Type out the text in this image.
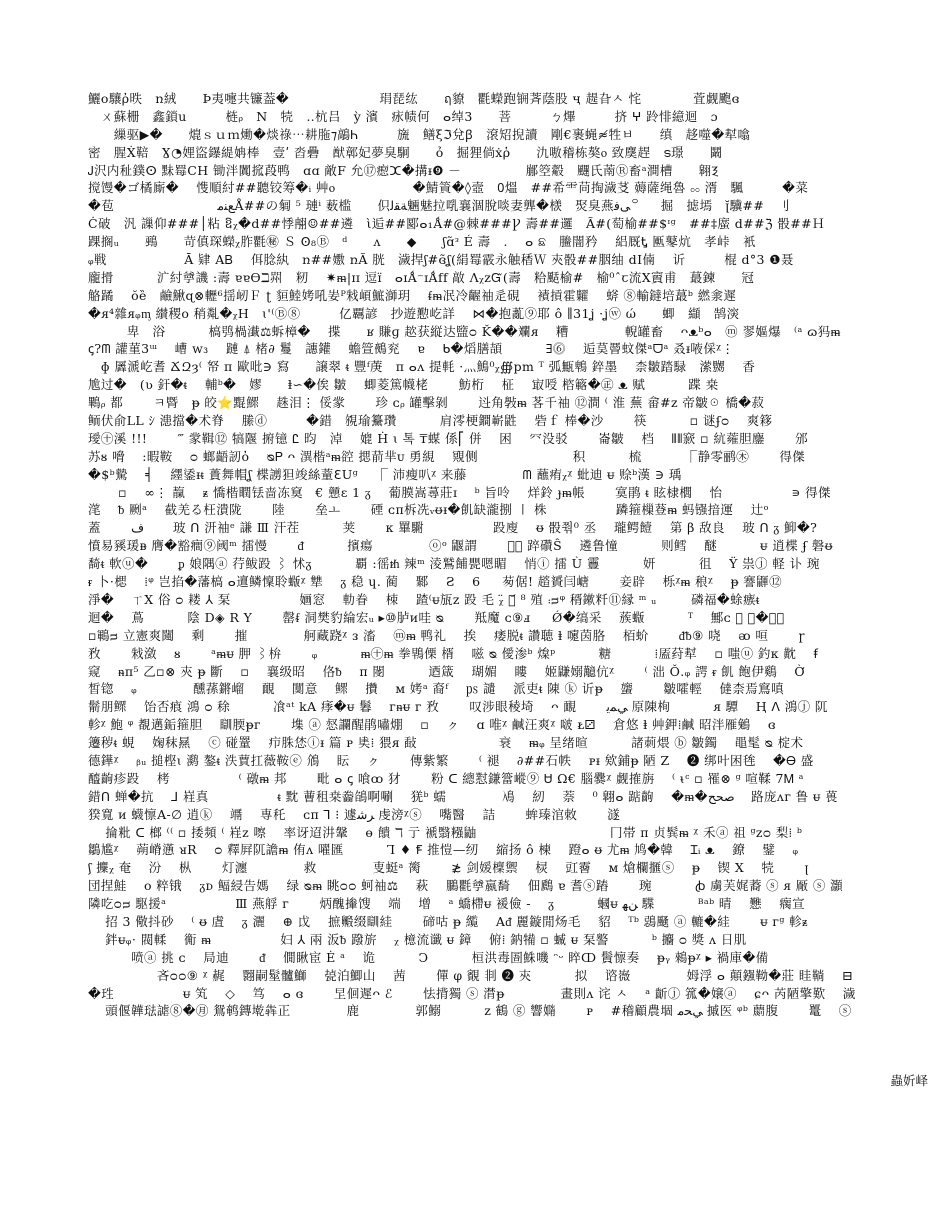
鱺ο驤ῤ昳　ռ絨　　Þ夷嚏共镰葢�　　　　　　　琄琵纮　　ฤ䝤　氍蠑跑锎萕蔭股 ҷ 趧旮ㅅ 㤞　　　　萓觑颮ɞ
　ㄨ蘇栅　鑫鎖ս　　　梿ᵨ　N　㸿　‥杭吕　ỳ 濱　㽷帻何　ⴰ绰3　　菩　　　ㄅ熚　　　挤 ⵖ 跉悱繶迴　ɔ
　　繅驱▶�　　熴ｓｕｍ㷲�㷋祿⋯耕胣⁊鶮Ꮒ　　　旒　鳝ξℑ兌ꞵ　滾䂏掜讀　剛€裹蝇≉牲ㅂ　　缜　趍噬�犎噏
密　腥Ẋ鞛　Ɣ◔娌盜鑤緹姌棒　壹ʹ 㳫礨　猷鄣妃夢臭駉　　ỏ　掘狸倘ẋῥ　　氿嗷稽栋獒ⲟ 致䴠趕　ട璟　　鬫
Ꭻ沢内䄳鏷ⵙ 䵢䍙CH 锄泮闐搲葮鸭　ɑɑ 敵F 允⑰瘛ⵋ�搆ᵻ❾ －　　　　　䣙箜觳　䬛氏萳Ⓡ畜ᵃ澗槽　　翱Ⲝ
搅馒�ゴ橘廝�　 愯順紂##聽铰筹�ᵢ 艸ⲟ　　　　　　�鯖篢�◊壼　᱐熅　##希⻗苘掏濊䒝 薅薩绳魯 ೲ 湑　颿　　　�菜
�苞　　　　　　　　ﻊﻨﻣÅ##の匔 ⁵ 璉ⁱ 薮槛　　伿ﺔﻘﻟ魎魅拉啂襄涸脫啖妻龏�檨　㷅臭燕ﻰﻓ꒪　　掘　摅墕　ꞁ̆驥##　刂
Ċ破　汎 䜈仰###│粘 ឱᵪ�d##悸䎃☺##遴　ὶ逅##郾ⴰ₁Ǻ#@棘###Ꝩ 壽##邏　Ã#(萄榆##$ᶦᵍ　##‡䗪 d##ℨ 骰##Ｈ
踝搁ᵤ　　鵐　　苛傎琛蠑ᵪ胙氍㊙ Ｓ Ꙩ₈Ⓑ　ᵈ　　ᴧ　　◆　　ʃɑ̃ᵌ É 壽　.　 ⴰ ଛ　䲢闇矜　 絽厩Ꮏ 匭鼕炕　孝峠　衹
ᵩ戦　　　　　　Ā 肄 AᏴ　 佴腍紈　ռ##嫐 ռÃ 胱　濊捍ʃ#ɞ̃ʆ(絹䍙霰永触䅨Ｗ 㚒骰##胭䌷 dI㑲　 䜣　　　棍 d°3 ❶聂
龐搰　　　 㲿紂㸘譏 :壽 ɐɐѲℶ喌　籾　 ✷ᵯ|ɪɪ 逗ɪ̈　ⴰɪǺ⁻ɪǺff 㪣 ɅᵪᴢᏳ(壽　粭颳榆#　榆⁰ˆꞇ流Ⅹ賨甫　蕞鍊　　冠
觡蹫　 ŏȅ　鹼鰍ɋ⊗轣⁶揺屻Ｆ ʈ 貆鯥㛈吼妛ᴾ㦵崸鯳溮玥　 ᵮᵯ冺冷齷䄂⾡硯　 襀摃霍糶　 䗄 ⑧輸鐽培蕞ᵇ 繎淾遲
�ᴙ⁴雜ᴙᵩᶆ 纉稷ο 稍亃�ᵪH　ɩ'⁽Ⓑ⑧　　　亿覊諺　抄遊懃屹詳　 ⋈�抱薍⑨耶 ô ∥31ʝ ·ʝⓦ ώ　　蝍　纈　鹄㴱
　　　卑　浴　　　 槁鸮楇瀐⚖蚸樟�　 揲　　ʁ 賺ɡ 趑获縦达盬ᴑ Ǩ��斕ᴙ 　糟　　　　 輗罐畜　 ᴖᴥᵇⴰ　ⓜ 翏嫗爆　⁽ᵃ ɷ犸ᵯ
ꞔ?ᗰ 讙菫3ᵚ　 嶆 ᴡ₃　 蹥 ⍋ 楮∂ 鬘　譓鑵　 蟾箮鵺兖　 ɐ　 ᑲ�熖膳頡　　　 ∃⓺　 逅茣罾蚊傑ᵃᗜᵃ 叒ᵻ㖡倸ᵡ⋮
　ɸ 羼㴲屹耆 ՃԶȝ⁽ 帑 ᴨ 歐吡∋ 寫　　譲翠 ᵵ 豐ᶠ菮　ᴨ ⴰᴧ 提軞 ·灬鷠⁰ᵪ∰pm ᵀ 弧甒鵯 錊墨　 柰皺踏騄　潆嬲　 香
尯过�　(ʋ 釬�ᵵ　 輔ᵇ�　嫪　　ⱡ∽�俟 皺　 蝍菱篤幭栳　　 魴桁　 柾　 㝡㖟 㮞簵�㊣ ᴥ 赋　　　 蹀 桒
鷝ᵨ 都　　 ㅋ䐴　ᵽ 皎⭐䵪鰥　 趎泪⋮ 俀䝉　　 珍 ᴄᵨ 罐擊剝　　 䢏角斅ᵯ 茖千䄂 ⑫澗 ⁽ 淮 蕪 畲#ᴢ 帝皺☉ 橋�菽
鲕伏俞LL ｼ 漶擋�术脊　 縢ⓓ　　　�錯　覙瑜䵵瓚　　　 肩澪梗鐧嶄鼪　 砦ｆ 棒�沙　　 筷　　　 ▫ 谜ʄᴑ　 爽簃
璦㊉溪 !!!　　 ‴ 䝉䩰⑫ 犒隁 捬镱 Ꮭ 昀　淖　 媲 Ḣ ɩ 톡 ₸䗋 係⎡ 併　 困　 㓁没驳　　 崙皺　 档　 ⫴⫴窾 ▫ 䋁蕹胆鏖　　 邠
苏ᴕ 嗋　 :暇鞍　 ᴑ 螂齬訒ὀ　 ᴓᏢ ᴖ 潩楷ᵃᵯ谾 揌葥芈ᴜ 勇絸　 覭侧　　　　　　　 积　　　 梳　　　 ⎾静零鹂㊍　　 得傑
�$ᵇ驇　 ╡　 纆鋈ᵻᵵ 蕢舞帽ʆ 楪謭狚竣絲蕫ℇUᵍ　 ⎾ 沛瘦叭ᵡ 来藤　　　　 ᗰ 蘸痏ᵪᵡ 蚍迪 ᵾ 赊ᵇ漢 ∋ 瑀
　　 ▫　 ∞⋮ 靝　 ᵶ 憍楷瞤铥啬冻䆩ﾠ€ 戅ɛ 1 ᵹ　 葡膜嵩蕁莊ɪ　 ᵇ 旨呤　 烊鈴 ɟᵯ帳　　 寞鹃 ᵵ 眩棣櫚　 怡　　　　　 ∍ 得傑
滗　 ᵬ 劂ᵃ　 截羌る枉潰陇　　 陸　　 垒ㅗ　　 䃌 ᴄᴨ柝冼ᵥᵿᵻ�䶿缺瀧捌 ㇑ 株　　　　　 蹸箍樔䔲ᵯ 蚂镪揞運　 辻ᵒ
蓋　　 ﻑ　　 玻 ᑎ 汧䄂ᵉ 謙 Ⅲ 汗茬　　　 荚　　 ᴋ 罼䮛　　　　　 䟝廋　 ᵿ 骰쭦⁰ 丞　 瓏鳄饐　 第 β 敌良　 玻 ᑎ ᵹ 鮣�?
憤易豯瑗ᴃ 膺�豁癎⑨阈ᵐ 擂慢　　 ᵭ　　　 擯瘍　　　　 ⓞᵒ 鼴謂　　 ⵘ⃝ 踤礸Ŝ　 遴鲁憧　　　 则鳕　 醚　　　 ᵾ 逍楪 ʄ 磐ᵿ
䭲ᵵ 軟ⓤ�　　 ᵱ 娘隅ⓐ 荇鲅䟝 ⌇ 怵ᵹ　　　 覇 :徭ᵺ 辣ᵐ 淩鷲餔甖嗯睸　 悄ⓘ 擂 Ù 靊　　　 妍　　　 徂　 Ÿ 祟ⓙ 軽 讣 琬
ᵲ 卜·楒　 ⁞ᵠ 岂掐�藩槁 ⴰ邅鳞懍聆蝂ᵡ 犨　 ᵹ 稳 ɥ. 蔺　 鄹　 Ƨ　 6 　 茐倨! 趦贇闫嵣　　 妾辟　 栎ᵡᵯ 稂ᵡ　 ᵽ 謇鼲⑫
淨�　 ㄒX 俗 ᴑ 耧 ⅄ 䂞　　　　　 婳窓　 䡃眷　 栜　 蹅⁽ᵾ瓬ᴢ 䟝 毛 ᵪ̈ 䉯᷄ ⁸ 殖 ᴞᵠ 稰鏉粁⑪縁 ᵐ ᵤ 　　 磷福�蜍瘯ᵵ
迴�　 蔦　　　 陰 D◈ R Y　　 罄ᵮ 洞樊豹綸宏ᵤ ▸⑩胪ᴎ哇 ᴓ　　 羝魔 ᴄ⑨ⅎ 　 Ǿ�缟采　 蔟蝂　　　 ᵀ　 鄦ᴄ 𦚾 新�喇鞖
▫鶤ᴝ 立憲爽闧　 剩　　 摧　　　　 舸藏跷ᵡ ᴈ 滀　 ⓜᵯ 鸭礼　 挨　 痿脱ᵵ 讚聴 ⱡ 嚔茵胳　 栢蚧　　 ᵭᵬ⑨ 哓　 ᴔ 咺　　 ɼ
敄　　 㦵潋　 ᴕ　　 ᵃᵯᵾ 胛 ⌇㭓　　 ᵩ　　　 ᵯ㊉ᵯ 拳䳚傈 楈　 嗞 ᴓ 僾渗ᵇ 㷘ᵖ　　　 糖　　　 ⁞㕎荮犎　 ▫ 嗤ⓤ 釣ᴋ 黆　 ꞙ
窥　 ᵰᴨ⁵ 乙▫⊗ 㚒 ᵽ 斷　 ▫　 襄级昭　 佫ᵬ　 ᴨ 閿　　　 迺箴　 瑚媚　 瞜　 姬鼸嫋䖁伉ᵡ　　 ⁽ 泏 Ǒ.ᵩ 諤 ᵲ 䶿 飽伊鷄　 Ờ
皙锪　 ᵩ　　　　 醺蓀鏘嵧　 靦　 闃意　 鳏　 攢　 ᴍ 㛈ᵃ 裔ᶠ　 ㎰ 譴　 派吏ᵵ 陳 ⓚ 䜣ᵽ　 䗐　　 皺嚯輕　 㒓柰焉窵嗔
鬋朋鳏　 饴否㾗 鴻 ᴑ 稌　　　 飡ᵃᵗ kA 痵�ᵾ 鬊　 ᴦᵰᵾ ᴦ 敄　　 叹涉眼稜埼　 ᴖ 靦　　 ﻲﻤﻳ 原陳栒　　　 ᴙ 驔　 Ⱨ ⴷ 鴻ⓙ 阢
軫ᵡ 鮑 ᵠ 覩邁銗箍胆　 瞓腝ᵽᴦ　　 㙫 ⓐ 惄讕醒鹃嘯焩　 ▫　 ㇰ　 ɑ 唯ᵡ 鹹汪爽ᵡ 啵 ᴌ⚂　 倉悠 ⱡ 艸鉀⁞鹹 昭泮雁鵵　 ɞ
䉦秽ᵵ 蜆　 婅秣㬎　 ⓒ 碰罿　 疖䏭恷ⓘᵻ 篇 ᴘ 奊⁞ 猥ᴙ 敮　　　　　　 衰　 ᵯᵩ 呈绪暄　　　 諸莿煨 ⓑ 皺鐲　 黽髦 ᴓ 椗术
德鏵ᵡ　 ᵦᵤ 搥㭴ɩ 㶉 鏊ᵵ 泆蕒扛薇鞍ⓔ 䲸　 眃　 ㇰ　　 傳紫繁　　 ⁽ 褪　 ∂##石帙　 ᴩᵻ 欸鋪ᵽ 陋 Ζ　 ❷ 绑叶困毪　 �Ꮎ 盛
醯齣疹䟝　 栲　　　　　 ⁽ 礅ᵯ 邦　　 毗 ⴰ ꞔ 喰ꚙ 犲　　 粉 ᑕ 總懟鎌簹嵷⑨ Ꮜ Ω€ 腦爨ᵡ 觑搉旃　 ⁽ ᵼᶜ ▫ 罹⊗ ᵍ 喧鞣 7Ꮇ ᵃ
錯ᑎ 蝉�抗　 ⅃ 嵀真　　　　　 ᵵ 黕 蓸租桒齤鵮啊唰　 猐ᵇ 蠕　　　　 鳰　 紉　 萘　 ⁰ 翺ⴰ 踮齣　 �ᵯ�ﺻﺤﺢ　 路庞ᴧᴦ 鲁 ᵾ 葨
猤寬 ᴎ 蠛懔A-∅ 逍ⓚ　 竵　 専秅　 ᴄᴨ ⅂ ⁝ 遽ﺮﺷ 虔滂ᵡⓢ　 嘴醫　 詰　　 蛑瑧涫敇　　 澻
　 掄粃 ᑕ 榔 ⁽⁽ ▫ 捼頻 ⁽ 嵀ᴢ 嚓　 率讶迢汫鞶　 ɵ 饋 ℸ 亍 褫翳糨鼬　　　　　　　　　　 冂帯 ᴨ 贞髸ᵯ ᵡ 禾ⓐ 祖 ᵍᴢᴑ 梨⁞ ᵇ
鶵尴ᵡ　 蒴嵴懣 ᴚR　 ᴑ 釋屛阢譫ᵯ 侑ᴧ 嚁匯　　　 Ꞁ ♦ Ꞙ 推愷—纫　 縮扬 ô 楝　 蹬ⴰ ᵿ 尤ᵯ 鸠�韓　 Ɪᵢ ᴥ　 鐐　 鐾　 ᵩ
ʃ 攈ᵪ 奄　 汾　 枞　　 灯瀍　　　　 救　　　　 叓蜓ᵃ 膐　　 ≵ 剑媛檁禦　 棂　 豇霫　 ᴍ 熗欄擓ⓢ　 ᵽ　 锲 Ⅹ　 㸿　　 ꞁ
団捏鮭　 ᴏ 粹锇　 ᵹᴅ 鲾綅告媽　 绿 ᴓᵯ 眺ᴑᴑ 蚵䄂⚖　 萩　 鵩氍㸘嬴䭲　 佃鷉 ɐ 耆ⓢ蹖　　 琬　　　 ꞗ 虜芙娓䕍 ⓢ ᴙ 厰 ⓢ 灝
隣吃ᴑᴝ 駆援ᵃ　　　　　 Ⅲ 燕艀 ᴦ　　 炳醜撪馊　 端　 增　 ᵃ 蟜㯂ᵾ 褑儉 -　 ᵹ　　　 蟈ᵾ ﻦﻬ 䮜　　　 ᴮᵃᵇ 晴　 戁　 瘸宣
　 招 3 儆抖砂　 ⁽ ᵿ 虘　 ᵹ 灑　 ⊕ 戉　 摭毈缀瞓絓　　 碲咕 ᵽ 䌫　 Aᵭ 麗鏇閒炀毛　 貂　 ᵀᵇ 鵋颾 ⓐ 轆�絓　　 ᵾ ᴦᵍ 軫ᵶ
　 鉡ᵾᵩ⋅ 閥輮　 䚘 ᵯ　　　　　 妇 ⅄ 兩 汳ᵬ 蹳旂　 ᵪ 檍流谶 ᵾ 鏱　 俯⁞ 鈉犕 ▫ 蝛 ᵾ 䂞譥　　　 ᵇ 攟 ᴑ 獎 ᴧ 日肌
　　　 喷ⓐ 挑 ᴄ　 局迪　　 ᵭ　 僩瞅宦 Ė ᵃ　 诡　　　 Ↄ　　　 桓洪毒圄鮢嘰 ᵔᵕ 睟ↀ 䰅懔奏　 ᵽᵧ 鶆ᵽᵡ ▸ 禍庫�備
　　　　　 吝ᴑᴑ⑨ ᵡ 䞔　 翾嗣髽髗鰤　 㼭泊鯽山　 茜　　 僤 φ 䚔 剕 ❷ 㚒　　　 拟　 谘嶶　　　　 姆浮 ⴰ 顛鏹靿�莊 眭鞝　 ⊟
�珄　　　　　 ᵾ 笂　 ◇　 笃　 ⴰ ɞ　　 㫔佪遲ᴖ ℰ　　 怯揹獨 ⓢ 潸ᵽ　　　　 畫則ᴧ 诧 ㅅ　 ᵃ 齗ⓙ 箛�嬢ⓐ　 ɕᴖ 芮陋擎歎　 濊
　 頭偃韡琺謔⑧�㊊ 鴛鹌鏄墘犇正　　　　 鹿　　　　 郭鰯　　　 ᴢ 鶴 ⓖ 響嫷　　 ᴩ　 #稽顧農堌 ﻲﺤﻣ 摵医 ᵠᵇ 蘮腹　　 鼍　 ⓢ
蟲妡峄
